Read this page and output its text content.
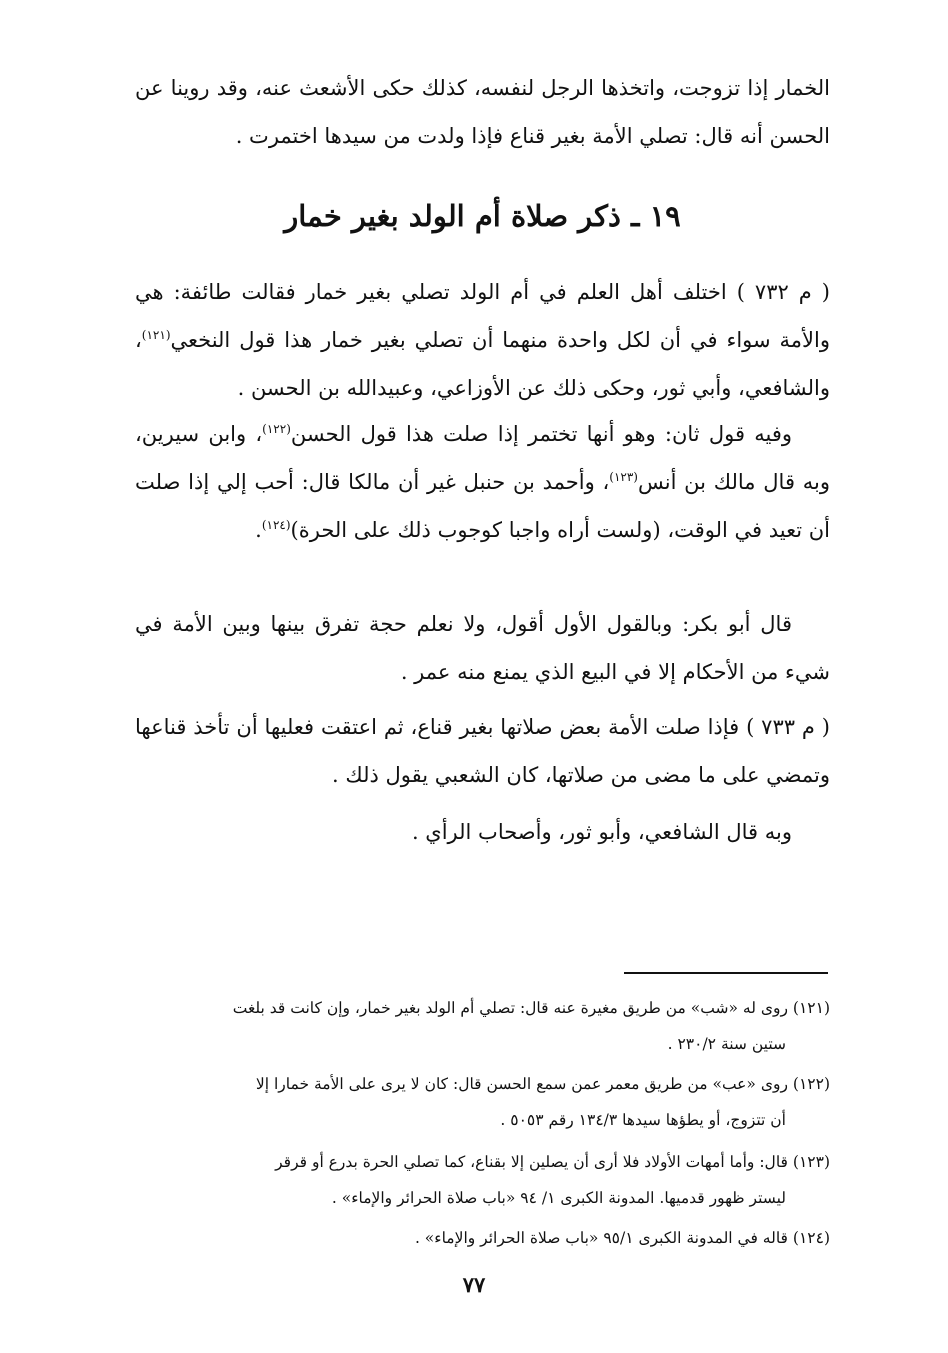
الخمار إذا تزوجت، واتخذها الرجل لنفسه، كذلك حكى الأشعث عنه، وقد روينا عن الحسن أنه قال: تصلي الأمة بغير قناع فإذا ولدت من سيدها اختمرت .

١٩ ـ ذكر صلاة أم الولد بغير خمار

( م ٧٣٢ ) اختلف أهل العلم في أم الولد تصلي بغير خمار فقالت طائفة: هي والأمة سواء في أن لكل واحدة منهما أن تصلي بغير خمار هذا قول النخعي$^{(١٢١)}$، والشافعي، وأبي ثور، وحكى ذلك عن الأوزاعي، وعبيدالله بن الحسن .

وفيه قول ثان: وهو أنها تختمر إذا صلت هذا قول الحسن$^{(١٢٢)}$، وابن سيرين، وبه قال مالك بن أنس$^{(١٢٣)}$، وأحمد بن حنبل غير أن مالكا قال: أحب إلي إذا صلت أن تعيد في الوقت، (ولست أراه واجبا كوجوب ذلك على الحرة)$^{(١٢٤)}$.

قال أبو بكر: وبالقول الأول أقول، ولا نعلم حجة تفرق بينها وبين الأمة في شيء من الأحكام إلا في البيع الذي يمنع منه عمر .

( م ٧٣٣ ) فإذا صلت الأمة بعض صلاتها بغير قناع، ثم اعتقت فعليها أن تأخذ قناعها وتمضي على ما مضى من صلاتها، كان الشعبي يقول ذلك .

وبه قال الشافعي، وأبو ثور، وأصحاب الرأي .

(١٢١) روى له «شب» من طريق مغيرة عنه قال: تصلي أم الولد بغير خمار، وإن كانت قد بلغت
ستين سنة ٢٣٠/٢ .
(١٢٢) روى «عب» من طريق معمر عمن سمع الحسن قال: كان لا يرى على الأمة خمارا إلا
أن تتزوج، أو يطؤها سيدها ١٣٤/٣ رقم ٥٠٥٣ .
(١٢٣) قال: وأما أمهات الأولاد فلا أرى أن يصلين إلا بقناع، كما تصلي الحرة بدرع أو قرقر
ليستر ظهور قدميها. المدونة الكبرى ١/ ٩٤ «باب صلاة الحرائر والإماء» .
(١٢٤) قاله في المدونة الكبرى ٩٥/١ «باب صلاة الحرائر والإماء» .
٧٧
